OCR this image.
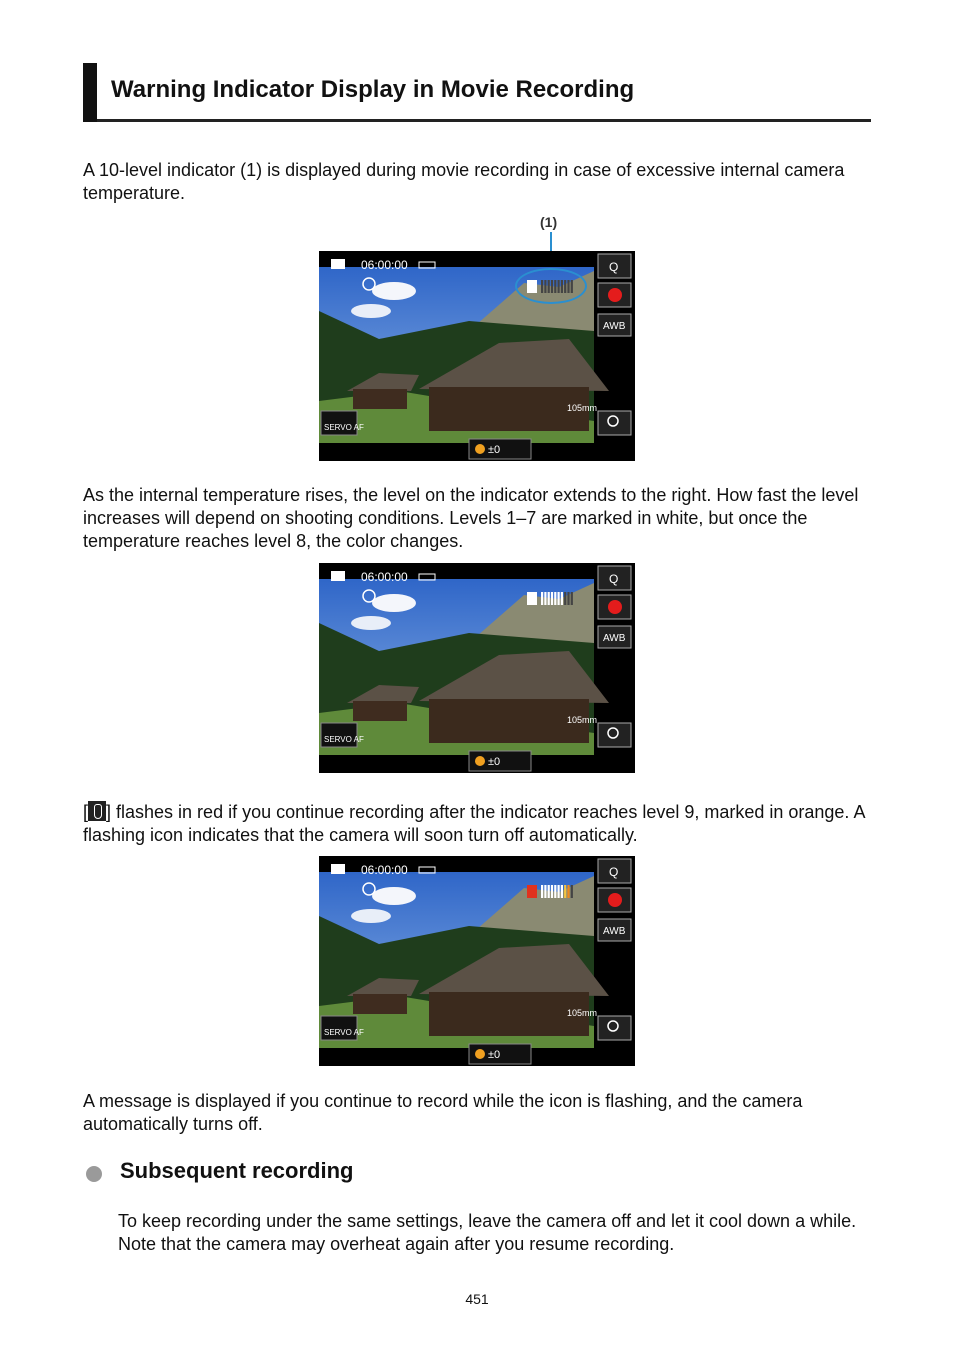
Warning Indicator Display in Movie Recording

A 10-level indicator (1) is displayed during movie recording in case of excessive internal camera temperature.

(1)
06:00:00	Q
AWB
105mm
SERVO AF
±0

As the internal temperature rises, the level on the indicator extends to the right. How fast the level increases will depend on shooting conditions. Levels 1–7 are marked in white, but once the temperature reaches level 8, the color changes.

06:00:00	Q
AWB
105mm
SERVO AF
±0

[ ] flashes in red if you continue recording after the indicator reaches level 9, marked in orange. A flashing icon indicates that the camera will soon turn off automatically.

06:00:00	Q
AWB
105mm
SERVO AF
±0

A message is displayed if you continue to record while the icon is flashing, and the camera automatically turns off.

Subsequent recording

To keep recording under the same settings, leave the camera off and let it cool down a while. Note that the camera may overheat again after you resume recording.

451
